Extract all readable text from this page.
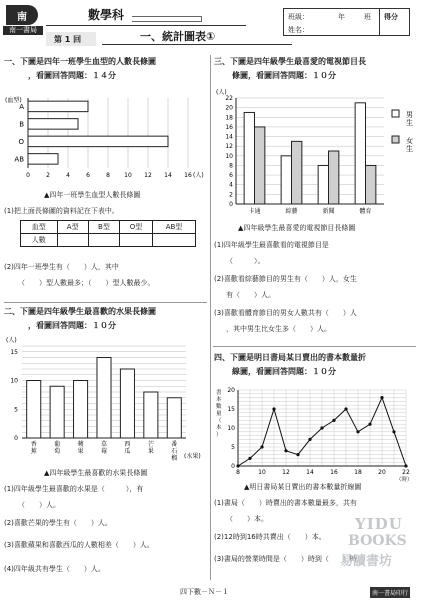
南
南一書局
數學科
第 1 回	一、統計圖表①
班級：	年	班
姓名：
得分
一、下圖是四年一班學生血型的人數長條圖
，看圖回答問題：１４分
(血型)
0	2	4	6	8 10 12 14 16 (人)
A
B
O
AB
▲四年一班學生血型人數長條圖
(1)把上面長條圖的資料記在下表中。
血型	A型	B型	O型	AB型
人數				
(2)四年一班學生有（　　）人，其中
（　　）型人數最多；（　　）型人數最少。
二、下圖是四年級學生最喜歡的水果長條圖
，看圖回答問題：１０分
(人)
0
5
10
15
香
蕉
葡
萄
蘋
果
草
莓
西
瓜
芒
果
番
石
榴 (水果)
▲四年級學生最喜歡的水果長條圖
(1)四年級學生最喜歡的水果是（　　　），有
（　　）人。
(2)喜歡芒果的學生有（　　）人。
(3)喜歡蘋果和喜歡西瓜的人數相差（　　）人。
(4)四年級共有學生（　　）人。
三、下圖是四年級學生最喜愛的電視節目長
條圖，看圖回答問題：１０分
(人)
0
2
4
6
8
10
12
14
16
18
20
22
卡通	綜藝	新聞	體育
男
生
女
生
▲四年級學生最喜愛的電視節目長條圖
(1)四年級學生最喜歡看的電視節目是
（　　　）。
(2)喜歡看綜藝節目的男生有（　　）人，女生
有（　　）人。
(3)喜歡看體育節目的男女人數共有（　　）人
，其中男生比女生多（　　）人。
四、下圖是明日書局某日賣出的書本數量折
線圖，看圖回答問題：１０分
書
本
數
量
（
本
）
0
5
10
15
20
8	10	12	14	16	18	20	22
（時）
▲明日書局某日賣出的書本數量折線圖
(1)書局（　　）時賣出的書本數量最多，共有
（　　）本。
(2)12時到16時共賣出（　　）本。
(3)書局的營業時間是（　　）時到（　　）時。
YIDU
BOOKS
易讀書坊
四下數－Ｎ－１	南一書局印行
